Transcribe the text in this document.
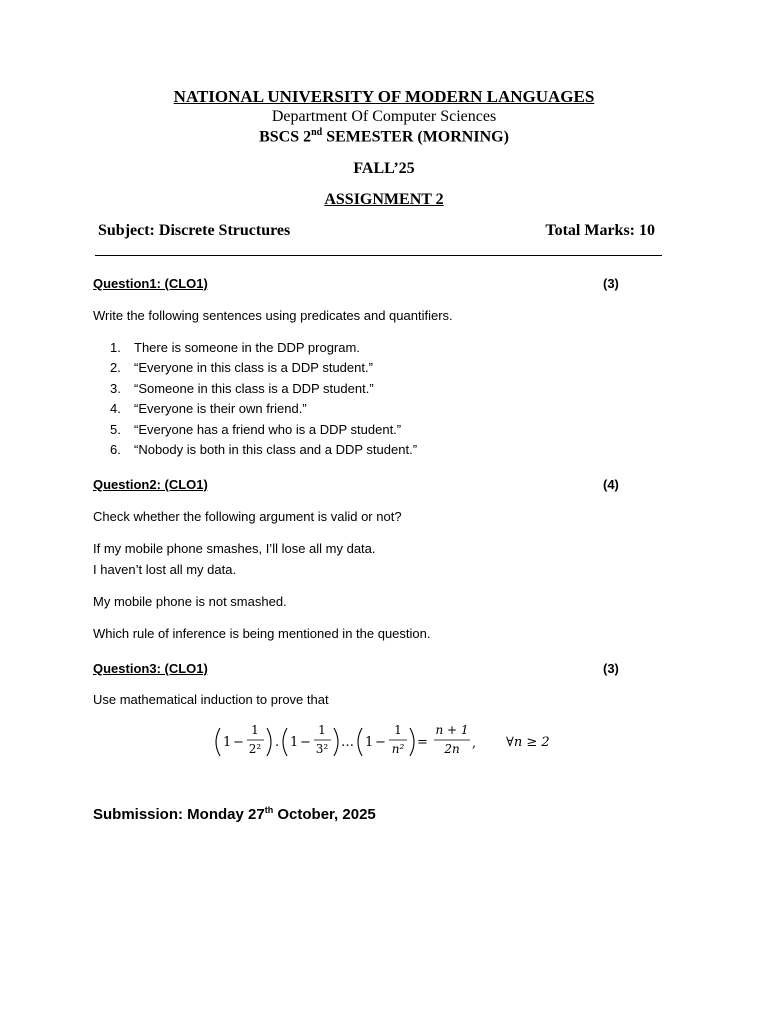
NATIONAL UNIVERSITY OF MODERN LANGUAGES
Department Of Computer Sciences
BSCS 2nd SEMESTER (MORNING)
FALL’25
ASSIGNMENT 2
Subject: Discrete Structures	Total Marks: 10
Question1: (CLO1)	(3)
Write the following sentences using predicates and quantifiers.
1.	There is someone in the DDP program.
2.	“Everyone in this class is a DDP student.”
3.	“Someone in this class is a DDP student.”
4.	“Everyone is their own friend.”
5.	“Everyone has a friend who is a DDP student.”
6.	“Nobody is both in this class and a DDP student.”
Question2: (CLO1)	(4)
Check whether the following argument is valid or not?
If my mobile phone smashes, I’ll lose all my data.
I haven’t lost all my data.
My mobile phone is not smashed.
Which rule of inference is being mentioned in the question.
Question3: (CLO1)	(3)
Use mathematical induction to prove that
1 −
1
2² . 1 −
1
3² … 1 −
1
n² =
n + 1
2n , ∀n ≥ 2
Submission: Monday 27th October, 2025
